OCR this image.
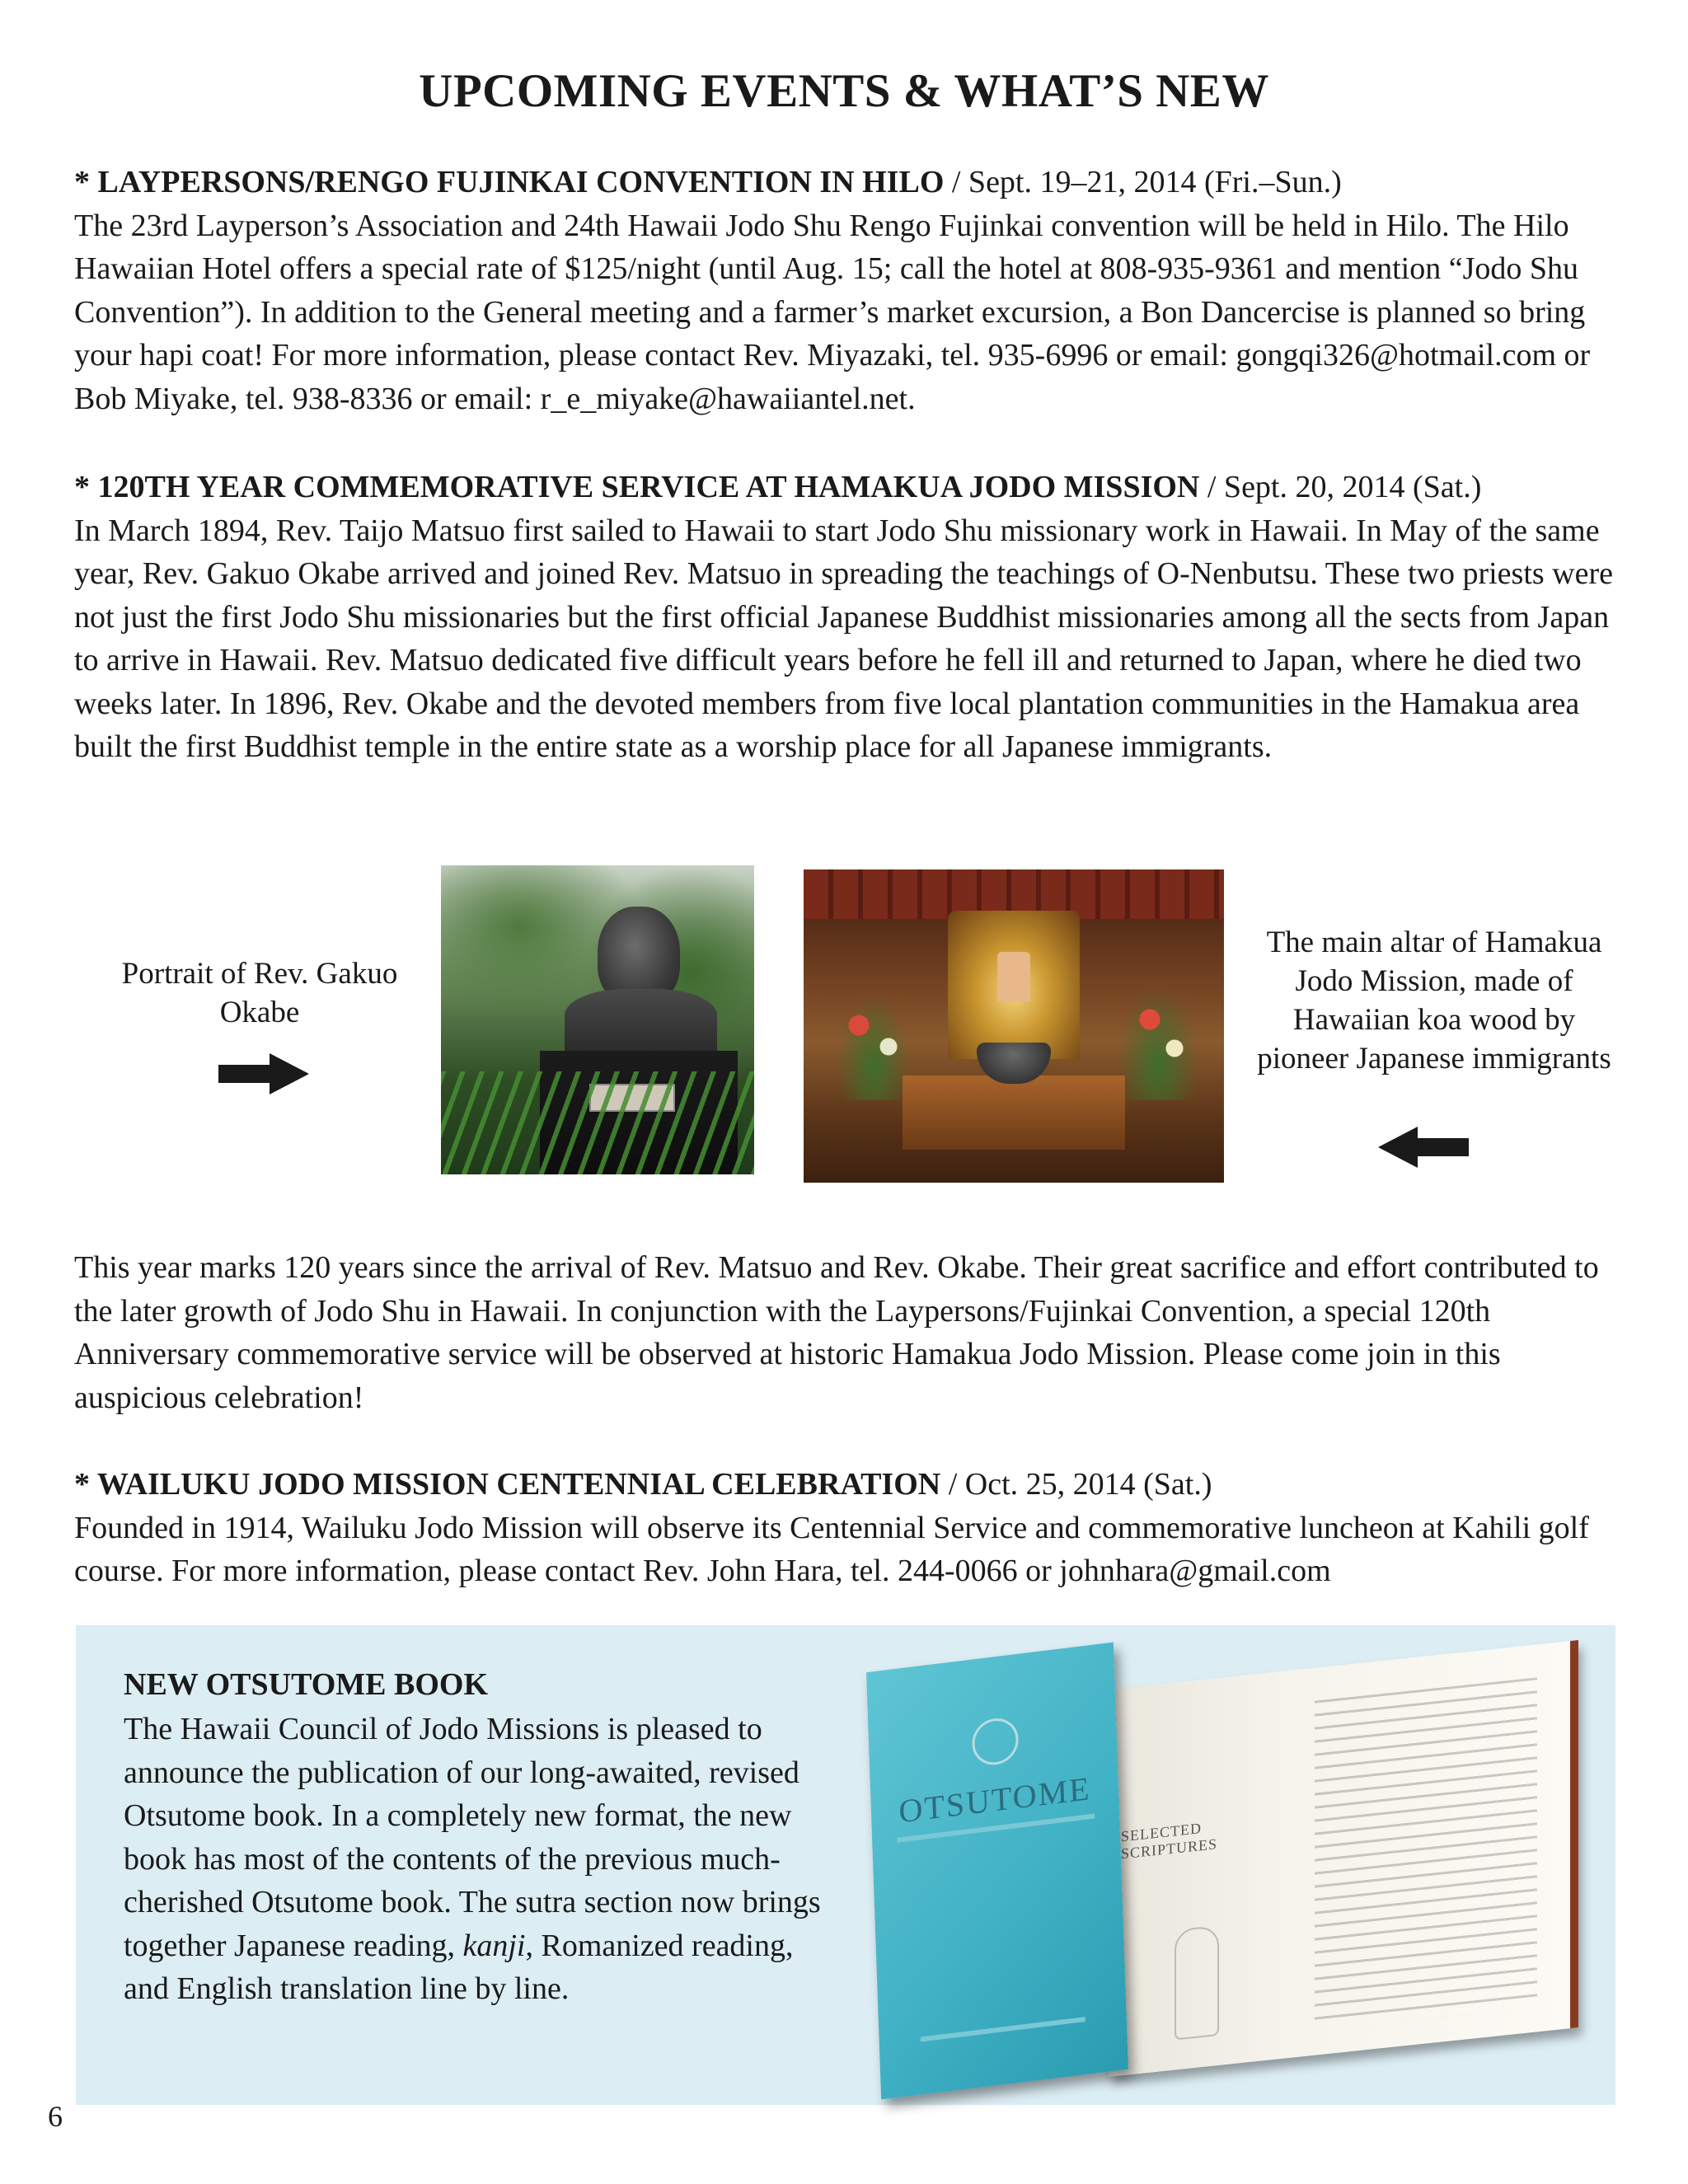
UPCOMING EVENTS & WHAT’S NEW

* LAYPERSONS/RENGO FUJINKAI CONVENTION IN HILO / Sept. 19–21, 2014 (Fri.–Sun.)
The 23rd Layperson’s Association and 24th Hawaii Jodo Shu Rengo Fujinkai convention will be held in Hilo. The Hilo Hawaiian Hotel offers a special rate of $125/night (until Aug. 15; call the hotel at 808-935-9361 and mention “Jodo Shu Convention”). In addition to the General meeting and a farmer’s market excursion, a Bon Dancercise is planned so bring your hapi coat! For more information, please contact Rev. Miyazaki, tel. 935-6996 or email: gongqi326@hotmail.com or Bob Miyake, tel. 938-8336 or email: r_e_miyake@hawaiiantel.net.

* 120TH YEAR COMMEMORATIVE SERVICE AT HAMAKUA JODO MISSION / Sept. 20, 2014 (Sat.)
In March 1894, Rev. Taijo Matsuo first sailed to Hawaii to start Jodo Shu missionary work in Hawaii. In May of the same year, Rev. Gakuo Okabe arrived and joined Rev. Matsuo in spreading the teachings of O-Nenbutsu. These two priests were not just the first Jodo Shu missionaries but the first official Japanese Buddhist missionaries among all the sects from Japan to arrive in Hawaii. Rev. Matsuo dedicated five difficult years before he fell ill and returned to Japan, where he died two weeks later. In 1896, Rev. Okabe and the devoted members from five local plantation communities in the Hamakua area built the first Buddhist temple in the entire state as a worship place for all Japanese immigrants.

Portrait of Rev. Gakuo Okabe

The main altar of Hamakua Jodo Mission, made of Hawaiian koa wood by pioneer Japanese immigrants

This year marks 120 years since the arrival of Rev. Matsuo and Rev. Okabe. Their great sacrifice and effort contributed to the later growth of Jodo Shu in Hawaii. In conjunction with the Laypersons/Fujinkai Convention, a special 120th Anniversary commemorative service will be observed at historic Hamakua Jodo Mission. Please come join in this auspicious celebration!

* WAILUKU JODO MISSION CENTENNIAL CELEBRATION / Oct. 25, 2014 (Sat.)
Founded in 1914, Wailuku Jodo Mission will observe its Centennial Service and commemorative luncheon at Kahili golf course. For more information, please contact Rev. John Hara, tel. 244-0066 or johnhara@gmail.com

NEW OTSUTOME BOOK

The Hawaii Council of Jodo Missions is pleased to announce the publication of our long-awaited, revised Otsutome book. In a completely new format, the new book has most of the contents of the previous much-cherished Otsutome book. The sutra section now brings together Japanese reading, kanji, Romanized reading, and English translation line by line.

SELECTED SCRIPTURES
OTSUTOME

6
